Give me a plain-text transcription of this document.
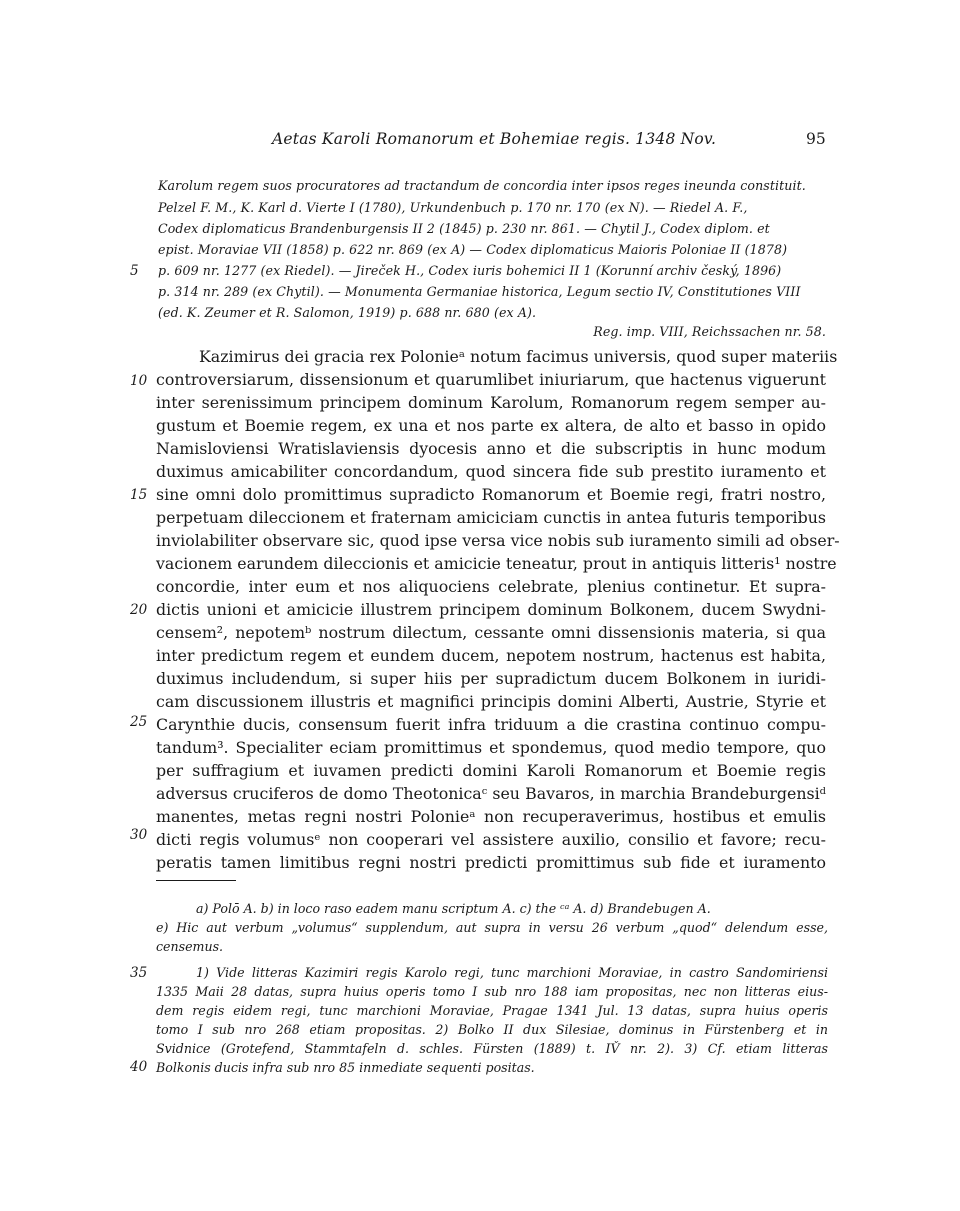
Aetas Karoli Romanorum et Bohemiae regis. 1348 Nov.	95
Karolum regem suos procuratores ad tractandum de concordia inter ipsos reges ineunda constituit.
Pelzel F. M., K. Karl d. Vierte I (1780), Urkundenbuch p. 170 nr. 170 (ex N). — Riedel A. F.,
Codex diplomaticus Brandenburgensis II 2 (1845) p. 230 nr. 861. — Chytil J., Codex diplom. et
epist. Moraviae VII (1858) p. 622 nr. 869 (ex A) — Codex diplomaticus Maioris Poloniae II (1878)
p. 609 nr. 1277 (ex Riedel). — Jireček H., Codex iuris bohemici II 1 (Korunní archiv český, 1896)
p. 314 nr. 289 (ex Chytil). — Monumenta Germaniae historica, Legum sectio IV, Constitutiones VIII
(ed. K. Zeumer et R. Salomon, 1919) p. 688 nr. 680 (ex A).
Reg. imp. VIII, Reichssachen nr. 58.
Kazimirus dei gracia rex Polonieᵃ notum facimus universis, quod super materiis
controversiarum, dissensionum et quarumlibet iniuriarum, que hactenus viguerunt
inter serenissimum principem dominum Karolum, Romanorum regem semper au-
gustum et Boemie regem, ex una et nos parte ex altera, de alto et basso in opido
Namisloviensi Wratislaviensis dyocesis anno et die subscriptis in hunc modum
duximus amicabiliter concordandum, quod sincera fide sub prestito iuramento et
sine omni dolo promittimus supradicto Romanorum et Boemie regi, fratri nostro,
perpetuam dileccionem et fraternam amiciciam cunctis in antea futuris temporibus
inviolabiliter observare sic, quod ipse versa vice nobis sub iuramento simili ad obser-
vacionem earundem dileccionis et amicicie teneatur, prout in antiquis litteris¹ nostre
concordie, inter eum et nos aliquociens celebrate, plenius continetur. Et supra-
dictis unioni et amicicie illustrem principem dominum Bolkonem, ducem Swydni-
censem², nepotemᵇ nostrum dilectum, cessante omni dissensionis materia, si qua
inter predictum regem et eundem ducem, nepotem nostrum, hactenus est habita,
duximus includendum, si super hiis per supradictum ducem Bolkonem in iuridi-
cam discussionem illustris et magnifici principis domini Alberti, Austrie, Styrie et
Carynthie ducis, consensum fuerit infra triduum a die crastina continuo compu-
tandum³. Specialiter eciam promittimus et spondemus, quod medio tempore, quo
per suffragium et iuvamen predicti domini Karoli Romanorum et Boemie regis
adversus cruciferos de domo Theotonicaᶜ seu Bavaros, in marchia Brandeburgensiᵈ
manentes, metas regni nostri Polonieᵃ non recuperaverimus, hostibus et emulis
dicti regis volumusᵉ non cooperari vel assistere auxilio, consilio et favore; recu-
peratis tamen limitibus regni nostri predicti promittimus sub fide et iuramento
5
10
15
20
25
30
35
40
a) Polō A. b) in loco raso eadem manu scriptum A. c) the ᶜᵃ A. d) Brandebugen A.
e) Hic aut verbum „volumus“ supplendum, aut supra in versu 26 verbum „quod“ delendum esse,
censemus.
1) Vide litteras Kazimiri regis Karolo regi, tunc marchioni Moraviae, in castro Sandomiriensi
1335 Maii 28 datas, supra huius operis tomo I sub nro 188 iam propositas, nec non litteras eius-
dem regis eidem regi, tunc marchioni Moraviae, Pragae 1341 Jul. 13 datas, supra huius operis
tomo I sub nro 268 etiam propositas. 2) Bolko II dux Silesiae, dominus in Fürstenberg et in
Svidnice (Grotefend, Stammtafeln d. schles. Fürsten (1889) t. IV̌ nr. 2). 3) Cf. etiam litteras
Bolkonis ducis infra sub nro 85 inmediate sequenti positas.
